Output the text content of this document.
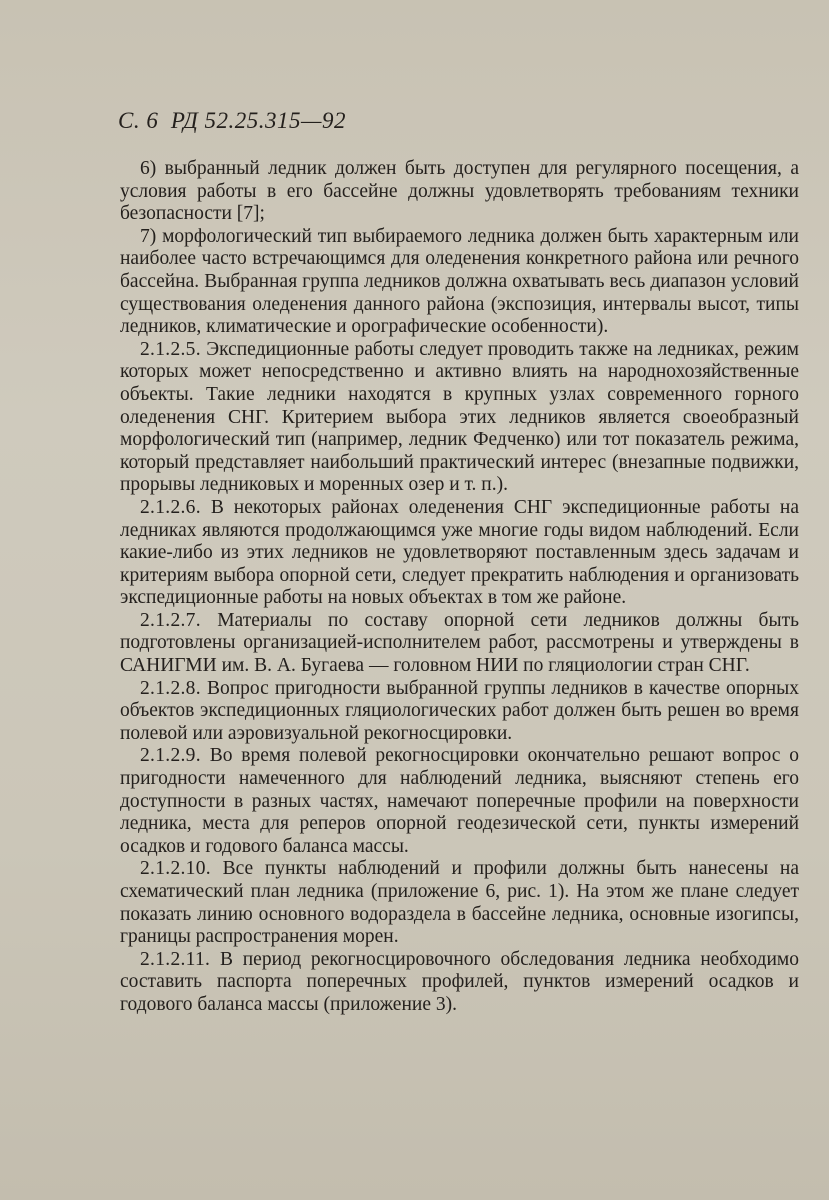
С. 6 РД 52.25.315—92

6) выбранный ледник должен быть доступен для регулярного посещения, а условия работы в его бассейне должны удовлетворять требованиям техники безопасности [7];

7) морфологический тип выбираемого ледника должен быть характерным или наиболее часто встречающимся для оледенения конкретного района или речного бассейна. Выбранная группа ледников должна охватывать весь диапазон условий существования оледенения данного района (экспозиция, интервалы высот, типы ледников, климатические и орографические особенности).

2.1.2.5. Экспедиционные работы следует проводить также на ледниках, режим которых может непосредственно и активно влиять на народнохозяйственные объекты. Такие ледники находятся в крупных узлах современного горного оледенения СНГ. Критерием выбора этих ледников является своеобразный морфологический тип (например, ледник Федченко) или тот показатель режима, который представляет наибольший практический интерес (внезапные подвижки, прорывы ледниковых и моренных озер и т. п.).

2.1.2.6. В некоторых районах оледенения СНГ экспедиционные работы на ледниках являются продолжающимся уже многие годы видом наблюдений. Если какие-либо из этих ледников не удовлетворяют поставленным здесь задачам и критериям выбора опорной сети, следует прекратить наблюдения и организовать экспедиционные работы на новых объектах в том же районе.

2.1.2.7. Материалы по составу опорной сети ледников должны быть подготовлены организацией-исполнителем работ, рассмотрены и утверждены в САНИГМИ им. В. А. Бугаева — головном НИИ по гляциологии стран СНГ.

2.1.2.8. Вопрос пригодности выбранной группы ледников в качестве опорных объектов экспедиционных гляциологических работ должен быть решен во время полевой или аэровизуальной рекогносцировки.

2.1.2.9. Во время полевой рекогносцировки окончательно решают вопрос о пригодности намеченного для наблюдений ледника, выясняют степень его доступности в разных частях, намечают поперечные профили на поверхности ледника, места для реперов опорной геодезической сети, пункты измерений осадков и годового баланса массы.

2.1.2.10. Все пункты наблюдений и профили должны быть нанесены на схематический план ледника (приложение 6, рис. 1). На этом же плане следует показать линию основного водораздела в бассейне ледника, основные изогипсы, границы распространения морен.

2.1.2.11. В период рекогносцировочного обследования ледника необходимо составить паспорта поперечных профилей, пунктов измерений осадков и годового баланса массы (приложение 3).
